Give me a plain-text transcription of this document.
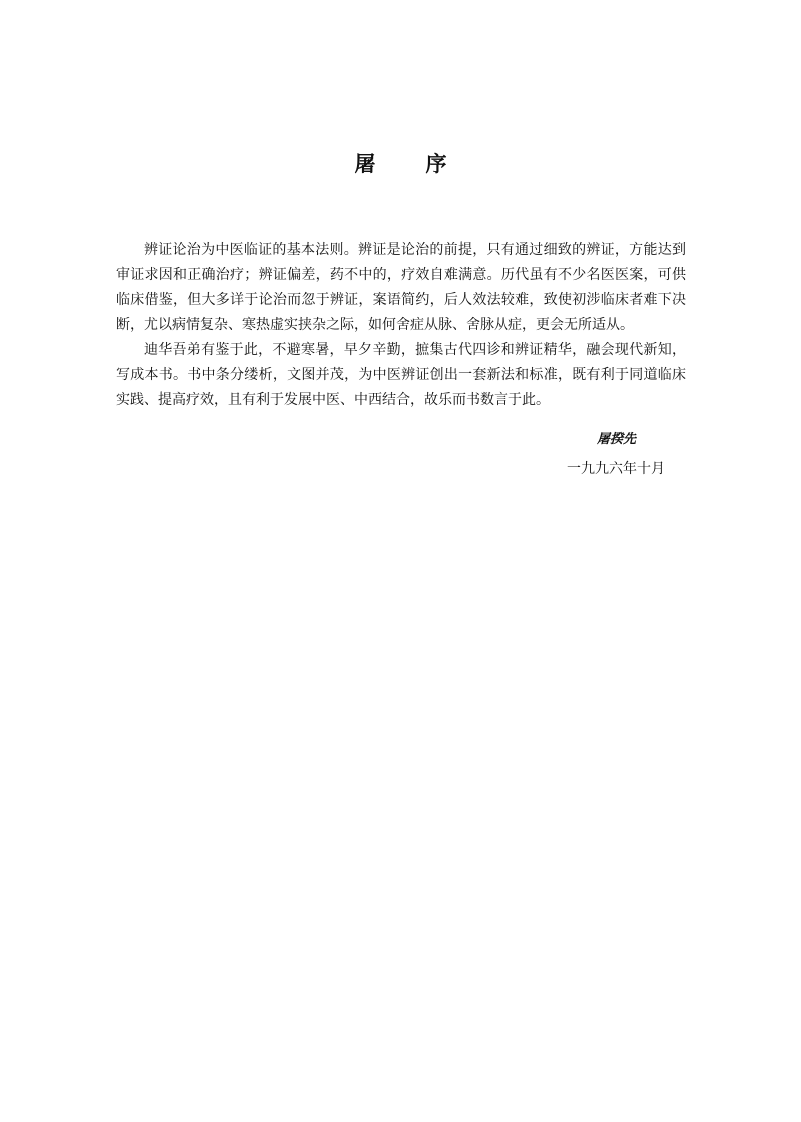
屠 序

辨证论治为中医临证的基本法则。辨证是论治的前提，只有通过细致的辨证，方能达到审证求因和正确治疗；辨证偏差，药不中的，疗效自难满意。历代虽有不少名医医案，可供临床借鉴，但大多详于论治而忽于辨证，案语简约，后人效法较难，致使初涉临床者难下决断，尤以病情复杂、寒热虚实挟杂之际，如何舍症从脉、舍脉从症，更会无所适从。

迪华吾弟有鉴于此，不避寒暑，早夕辛勤，摭集古代四诊和辨证精华，融会现代新知，写成本书。书中条分缕析，文图并茂，为中医辨证创出一套新法和标准，既有利于同道临床实践、提高疗效，且有利于发展中医、中西结合，故乐而书数言于此。

屠揆先
一九九六年十月
